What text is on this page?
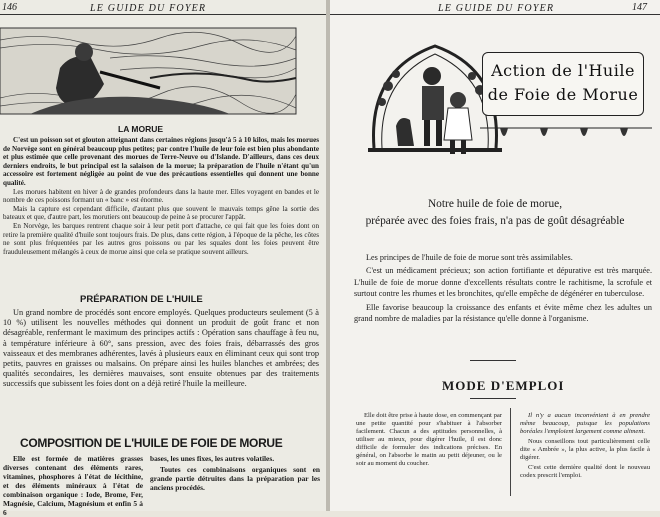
146	LE GUIDE DU FOYER
LA MORUE

C'est un poisson sot et glouton atteignant dans certaines régions jusqu'à 5 à 10 kilos, mais les morues de Norvège sont en général beaucoup plus petites; par contre l'huile de leur foie est bien plus abondante et plus estimée que celle provenant des morues de Terre-Neuve ou d'Islande. D'ailleurs, dans ces deux derniers endroits, le but principal est la salaison de la morue; la préparation de l'huile n'étant qu'un accessoire est fortement négligée au point de vue des précautions essentielles qui donnent une bonne qualité.

Les morues habitent en hiver à de grandes profondeurs dans la haute mer. Elles voyagent en bandes et le nombre de ces poissons formant un « banc » est énorme.

Mais la capture est cependant difficile, d'autant plus que souvent le mauvais temps gêne la sortie des bateaux et que, d'autre part, les morutiers ont beaucoup de peine à se procurer l'appât.

En Norvège, les barques rentrent chaque soir à leur petit port d'attache, ce qui fait que les foies dont on retire la première qualité d'huile sont toujours frais. De plus, dans cette région, à l'époque de la pêche, les côtes ne sont plus fréquentées par les autres gros poissons ou par les squales dont les foies peuvent être frauduleusement mélangés à ceux de morue ainsi que cela se pratique souvent ailleurs.

PRÉPARATION DE L'HUILE

Un grand nombre de procédés sont encore employés. Quelques producteurs seulement (5 à 10 %) utilisent les nouvelles méthodes qui donnent un produit de goût franc et non désagréable, renfermant le maximum des principes actifs : Opération sans chauffage à feu nu, à température inférieure à 60°, sans pression, avec des foies frais, débarrassés des gros vaisseaux et des membranes adhérentes, lavés à plusieurs eaux en éliminant ceux qui sont trop petits, pauvres en graisses ou malsains. On prépare ainsi les huiles blanches et ambrées; des qualités secondaires, les dernières mauvaises, sont ensuite obtenues par des traitements successifs que subissent les foies dont on a déjà retiré l'huile la meilleure.

COMPOSITION DE L'HUILE DE FOIE DE MORUE

Elle est formée de matières grasses diverses contenant des éléments rares, vitamines, phosphores à l'état de lécithine, et des éléments minéraux à l'état de combinaison organique : Iode, Brome, Fer, Magnésie, Calcium, Magnésium et enfin 5 à 6

bases, les unes fixes, les autres volatiles.

Toutes ces combinaisons organiques sont en grande partie détruites dans la préparation par les anciens procédés.

LE GUIDE DU FOYER	147
Action de l'Huile
de Foie de Morue
Notre huile de foie de morue,
préparée avec des foies frais, n'a pas de goût désagréable

Les principes de l'huile de foie de morue sont très assimilables.

C'est un médicament précieux; son action fortifiante et dépurative est très marquée. L'huile de foie de morue donne d'excellents résultats contre le rachitisme, la scrofule et surtout contre les rhumes et les bronchites, qu'elle empêche de dégénérer en tuberculose.

Elle favorise beaucoup la croissance des enfants et évite même chez les adultes un grand nombre de maladies par la résistance qu'elle donne à l'organisme.

MODE D'EMPLOI

Elle doit être prise à haute dose, en commençant par une petite quantité pour s'habituer à l'absorber facilement. Chacun a des aptitudes personnelles, à utiliser au mieux, pour digérer l'huile, il est donc difficile de formuler des indications précises. En général, on l'absorbe le matin au petit déjeuner, ou le soir au moment du coucher.

Il n'y a aucun inconvénient à en prendre même beaucoup, puisque les populations boréales l'emploient largement comme aliment.

Nous conseillons tout particulièrement celle dite « Ambrée », la plus active, la plus facile à digérer.

C'est cette dernière qualité dont le nouveau codex prescrit l'emploi.
